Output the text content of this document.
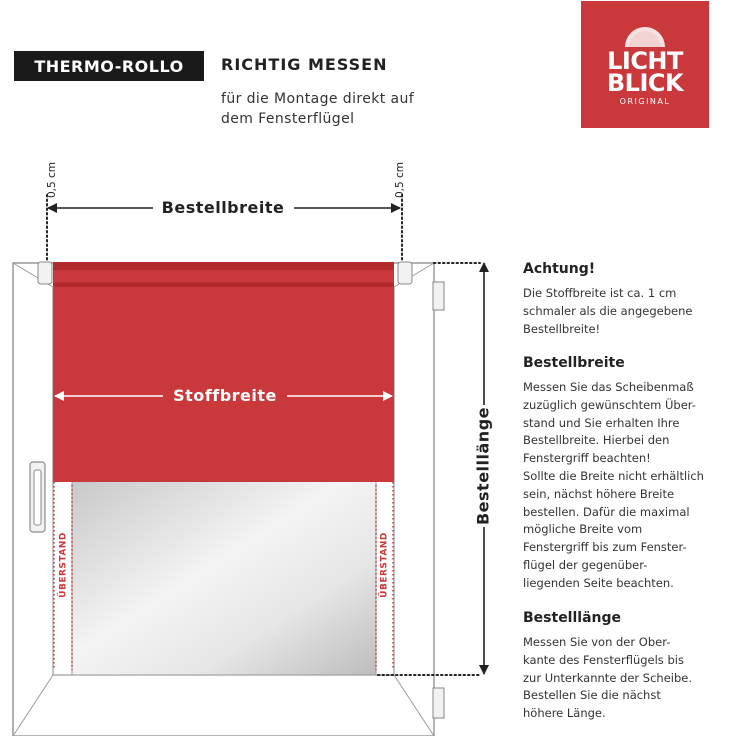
THERMO-ROLLO	RICHTIG MESSEN
für die Montage direkt auf
dem Fensterflügel
LICHT
BLICK
ORIGINAL
0,5 cm	0,5 cm
Bestellbreite
Stoffbreite
Bestelllänge
ÜBERSTAND	ÜBERSTAND
Achtung!

Die Stoffbreite ist ca. 1 cm
schmaler als die angegebene
Bestellbreite!

Bestellbreite

Messen Sie das Scheibenmaß
zuzüglich gewünschtem Über-
stand und Sie erhalten Ihre
Bestellbreite. Hierbei den
Fenstergriff beachten!
Sollte die Breite nicht erhältlich
sein, nächst höhere Breite
bestellen. Dafür die maximal
mögliche Breite vom
Fenstergriff bis zum Fenster-
flügel der gegenüber-
liegenden Seite beachten.

Bestelllänge

Messen Sie von der Ober-
kante des Fensterflügels bis
zur Unterkannte der Scheibe.
Bestellen Sie die nächst
höhere Länge.
